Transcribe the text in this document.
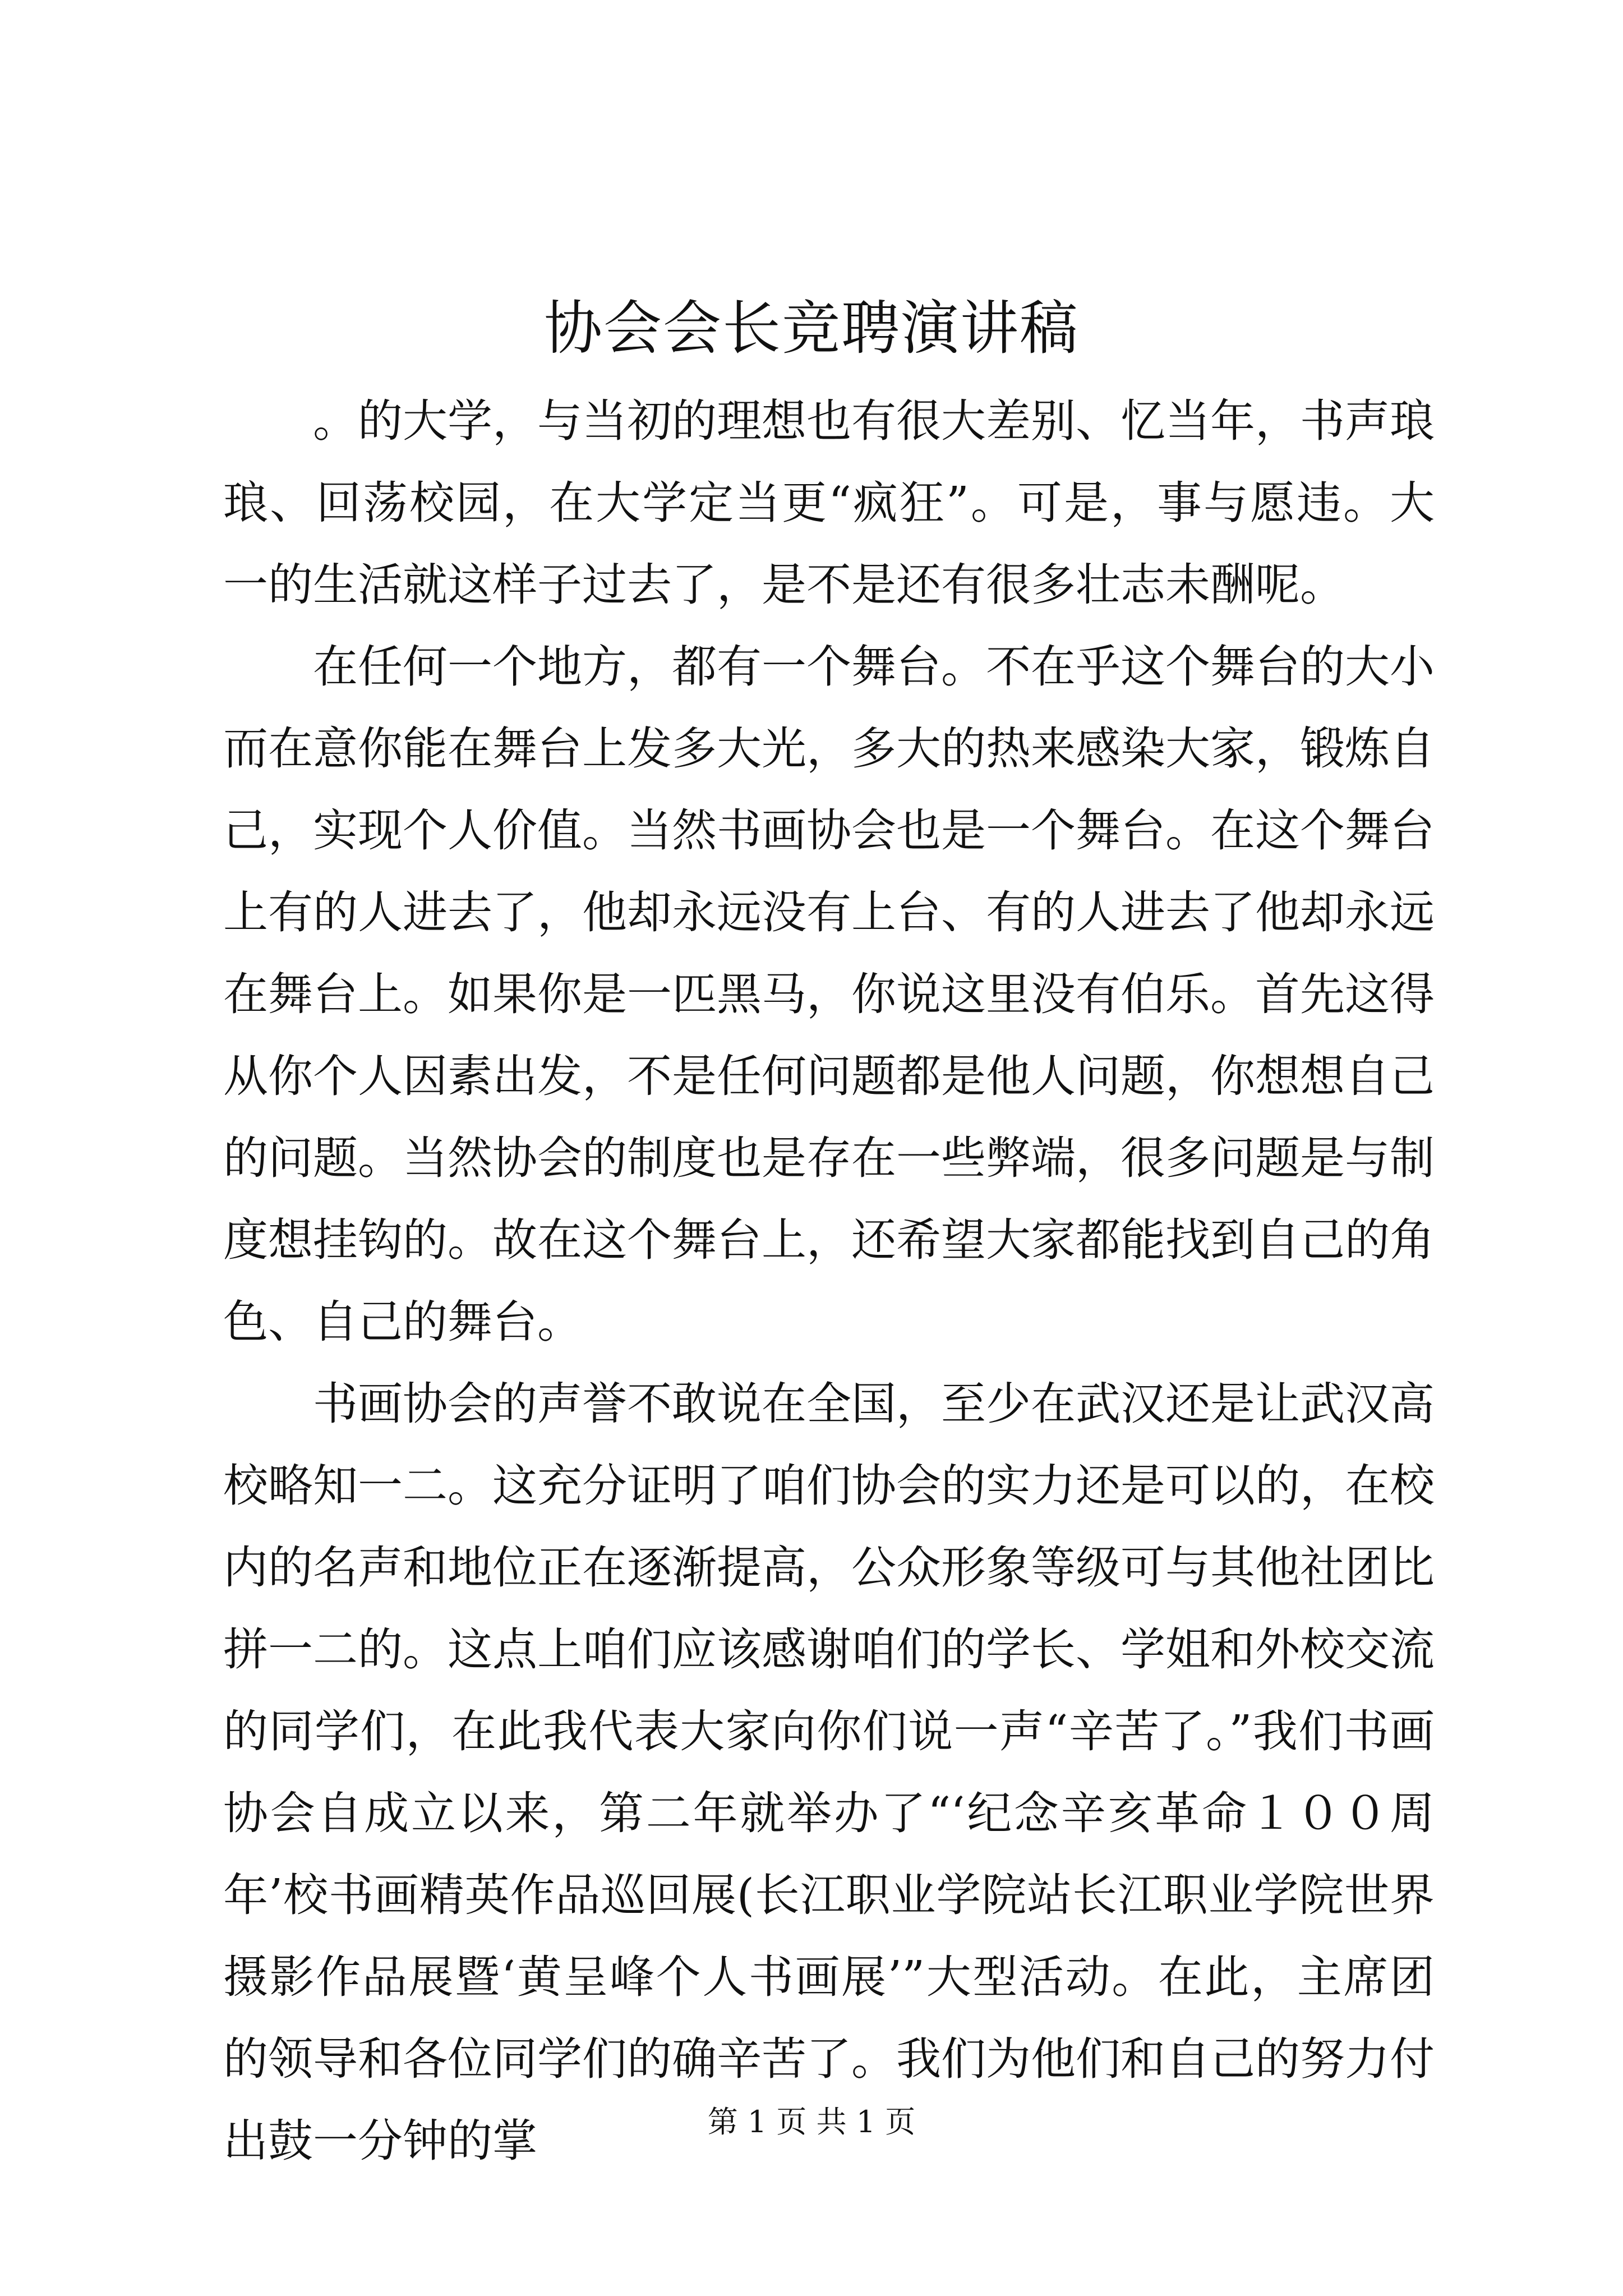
协会会长竞聘演讲稿

。的大学，与当初的理想也有很大差别、忆当年，书声琅琅、回荡校园，在大学定当更“疯狂”。可是，事与愿违。大一的生活就这样子过去了，是不是还有很多壮志未酬呢。

在任何一个地方，都有一个舞台。不在乎这个舞台的大小而在意你能在舞台上发多大光，多大的热来感染大家，锻炼自己，实现个人价值。当然书画协会也是一个舞台。在这个舞台上有的人进去了，他却永远没有上台、有的人进去了他却永远在舞台上。如果你是一匹黑马，你说这里没有伯乐。首先这得从你个人因素出发，不是任何问题都是他人问题，你想想自己的问题。当然协会的制度也是存在一些弊端，很多问题是与制度想挂钩的。故在这个舞台上，还希望大家都能找到自己的角色、自己的舞台。

书画协会的声誉不敢说在全国，至少在武汉还是让武汉高校略知一二。这充分证明了咱们协会的实力还是可以的，在校内的名声和地位正在逐渐提高，公众形象等级可与其他社团比拼一二的。这点上咱们应该感谢咱们的学长、学姐和外校交流的同学们，在此我代表大家向你们说一声“辛苦了。”我们书画协会自成立以来，第二年就举办了“‘纪念辛亥革命１００周年’校书画精英作品巡回展(长江职业学院站长江职业学院世界摄影作品展暨‘黄呈峰个人书画展’”大型活动。在此，主席团的领导和各位同学们的确辛苦了。我们为他们和自己的努力付出鼓一分钟的掌	第 1 页 共 1 页
